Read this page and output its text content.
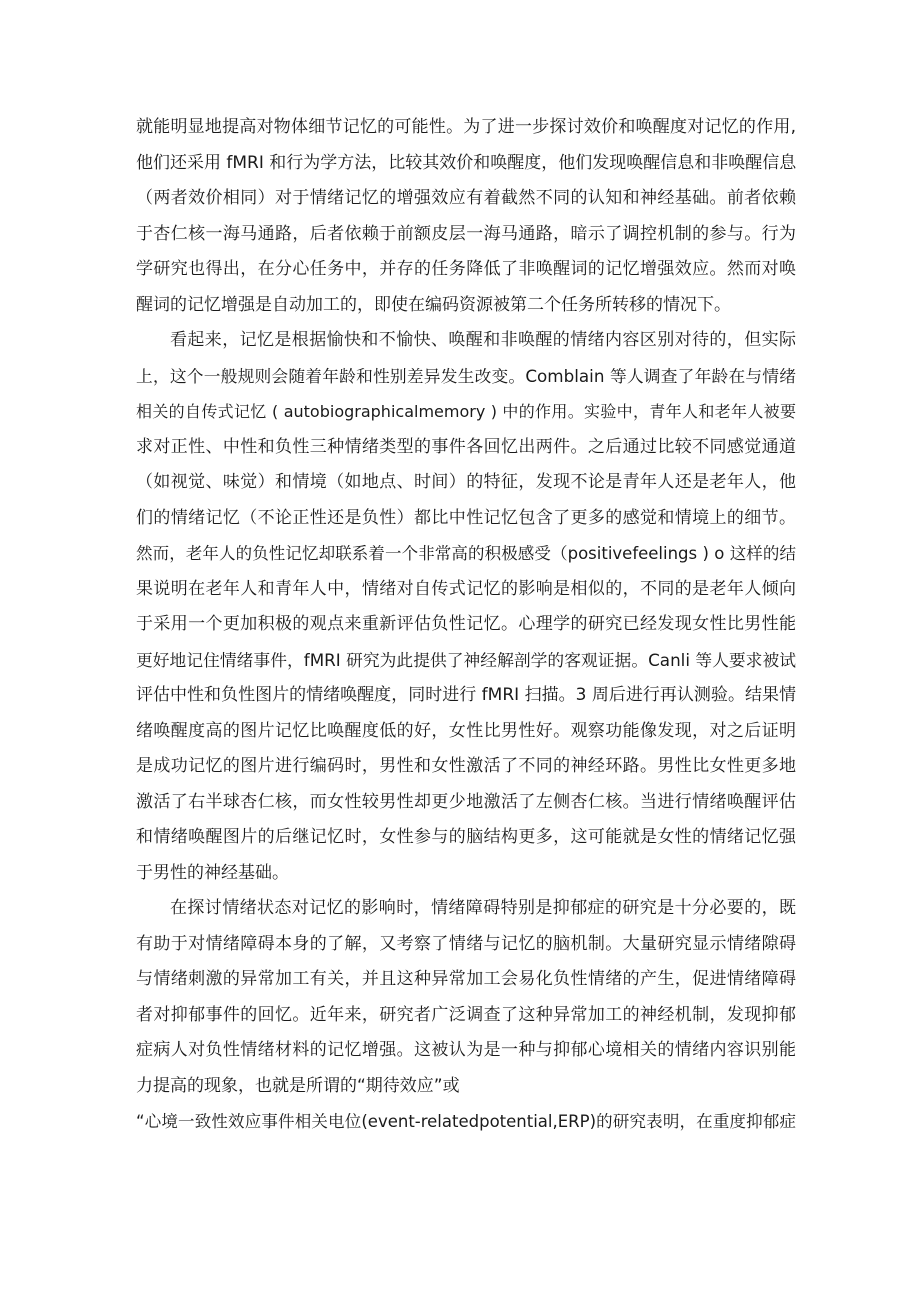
就能明显地提高对物体细节记忆的可能性。为了进一步探讨效价和唤醒度对记忆的作用,
他们还采用 fMRI 和行为学方法，比较其效价和唤醒度，他们发现唤醒信息和非唤醒信息
（两者效价相同）对于情绪记忆的增强效应有着截然不同的认知和神经基础。前者依赖
于杏仁核一海马通路，后者依赖于前额皮层一海马通路，暗示了调控机制的参与。行为
学研究也得出，在分心任务中，并存的任务降低了非唤醒词的记忆增强效应。然而对唤
醒词的记忆增强是自动加工的，即使在编码资源被第二个任务所转移的情况下。
看起来，记忆是根据愉快和不愉快、唤醒和非唤醒的情绪内容区别对待的，但实际
上，这个一般规则会随着年龄和性别差异发生改变。Comblain 等人调查了年龄在与情绪
相关的自传式记忆 ( autobiographicalmemory ) 中的作用。实验中，青年人和老年人被要
求对正性、中性和负性三种情绪类型的事件各回忆出两件。之后通过比较不同感觉通道
（如视觉、味觉）和情境（如地点、时间）的特征，发现不论是青年人还是老年人，他
们的情绪记忆（不论正性还是负性）都比中性记忆包含了更多的感觉和情境上的细节。
然而，老年人的负性记忆却联系着一个非常高的积极感受（positivefeelings ) o 这样的结
果说明在老年人和青年人中，情绪对自传式记忆的影响是相似的，不同的是老年人倾向
于采用一个更加积极的观点来重新评估负性记忆。心理学的研究已经发现女性比男性能
更好地记住情绪事件，fMRI 研究为此提供了神经解剖学的客观证据。Canli 等人要求被试
评估中性和负性图片的情绪唤醒度，同时进行 fMRI 扫描。3 周后进行再认测验。结果情
绪唤醒度高的图片记忆比唤醒度低的好，女性比男性好。观察功能像发现，对之后证明
是成功记忆的图片进行编码时，男性和女性激活了不同的神经环路。男性比女性更多地
激活了右半球杏仁核，而女性较男性却更少地激活了左侧杏仁核。当进行情绪唤醒评估
和情绪唤醒图片的后继记忆时，女性参与的脑结构更多，这可能就是女性的情绪记忆强
于男性的神经基础。
在探讨情绪状态对记忆的影响时，情绪障碍特别是抑郁症的研究是十分必要的，既
有助于对情绪障碍本身的了解，又考察了情绪与记忆的脑机制。大量研究显示情绪隙碍
与情绪刺激的异常加工有关，并且这种异常加工会易化负性情绪的产生，促进情绪障碍
者对抑郁事件的回忆。近年来，研究者广泛调查了这种异常加工的神经机制，发现抑郁
症病人对负性情绪材料的记忆增强。这被认为是一种与抑郁心境相关的情绪内容识别能
力提高的现象，也就是所谓的“期待效应”或
“心境一致性效应事件相关电位(event-relatedpotential,ERP)的研究表明，在重度抑郁症
